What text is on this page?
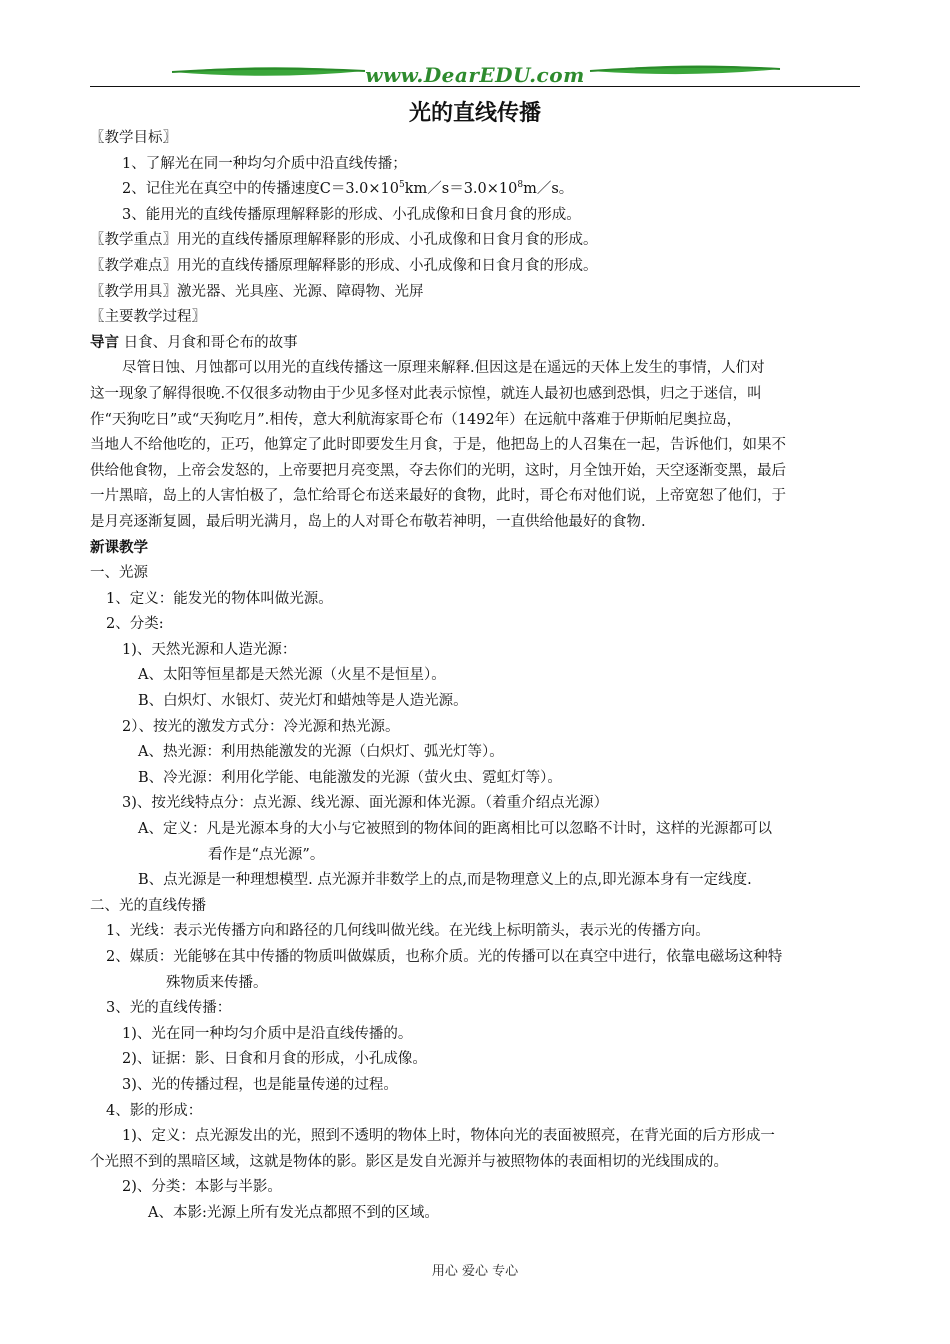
www.DearEDU.com
光的直线传播
〖教学目标〗
1、了解光在同一种均匀介质中沿直线传播；
2、记住光在真空中的传播速度$C=3.0\times 10^5km/s=3.0\times 10^8m/s$。
3、能用光的直线传播原理解释影的形成、小孔成像和日食月食的形成。
〖教学重点〗用光的直线传播原理解释影的形成、小孔成像和日食月食的形成。
〖教学难点〗用光的直线传播原理解释影的形成、小孔成像和日食月食的形成。
〖教学用具〗激光器、光具座、光源、障碍物、光屏
〖主要教学过程〗
导言 日食、月食和哥仑布的故事
尽管日蚀、月蚀都可以用光的直线传播这一原理来解释.但因这是在遥远的天体上发生的事情，人们对
这一现象了解得很晚.不仅很多动物由于少见多怪对此表示惊惶，就连人最初也感到恐惧，归之于迷信，叫
作“天狗吃日”或“天狗吃月”.相传，意大利航海家哥仑布（1492年）在远航中落难于伊斯帕尼奥拉岛，
当地人不给他吃的，正巧，他算定了此时即要发生月食，于是，他把岛上的人召集在一起，告诉他们，如果不
供给他食物，上帝会发怒的，上帝要把月亮变黑，夺去你们的光明，这时，月全蚀开始，天空逐渐变黑，最后
一片黑暗，岛上的人害怕极了，急忙给哥仑布送来最好的食物，此时，哥仑布对他们说，上帝宽恕了他们，于
是月亮逐渐复圆，最后明光满月，岛上的人对哥仑布敬若神明，一直供给他最好的食物.
新课教学
一、光源
1、定义：能发光的物体叫做光源。
2、分类:
1)、天然光源和人造光源：
A、太阳等恒星都是天然光源（火星不是恒星）。
B、白炽灯、水银灯、荧光灯和蜡烛等是人造光源。
2）、按光的激发方式分：冷光源和热光源。
A、热光源：利用热能激发的光源（白炽灯、弧光灯等）。
B、冷光源：利用化学能、电能激发的光源（萤火虫、霓虹灯等）。
3)、按光线特点分：点光源、线光源、面光源和体光源。（着重介绍点光源）
A、定义：凡是光源本身的大小与它被照到的物体间的距离相比可以忽略不计时，这样的光源都可以
看作是“点光源”。
B、点光源是一种理想模型. 点光源并非数学上的点,而是物理意义上的点,即光源本身有一定线度.
二、光的直线传播
1、光线：表示光传播方向和路径的几何线叫做光线。在光线上标明箭头，表示光的传播方向。
2、媒质：光能够在其中传播的物质叫做媒质，也称介质。光的传播可以在真空中进行，依靠电磁场这种特
殊物质来传播。
3、光的直线传播：
1)、光在同一种均匀介质中是沿直线传播的。
2)、证据：影、日食和月食的形成，小孔成像。
3)、光的传播过程，也是能量传递的过程。
4、影的形成：
1)、定义：点光源发出的光，照到不透明的物体上时，物体向光的表面被照亮，在背光面的后方形成一
个光照不到的黑暗区域，这就是物体的影。影区是发自光源并与被照物体的表面相切的光线围成的。
2)、分类：本影与半影。
A、本影:光源上所有发光点都照不到的区域。
用心 爱心 专心
